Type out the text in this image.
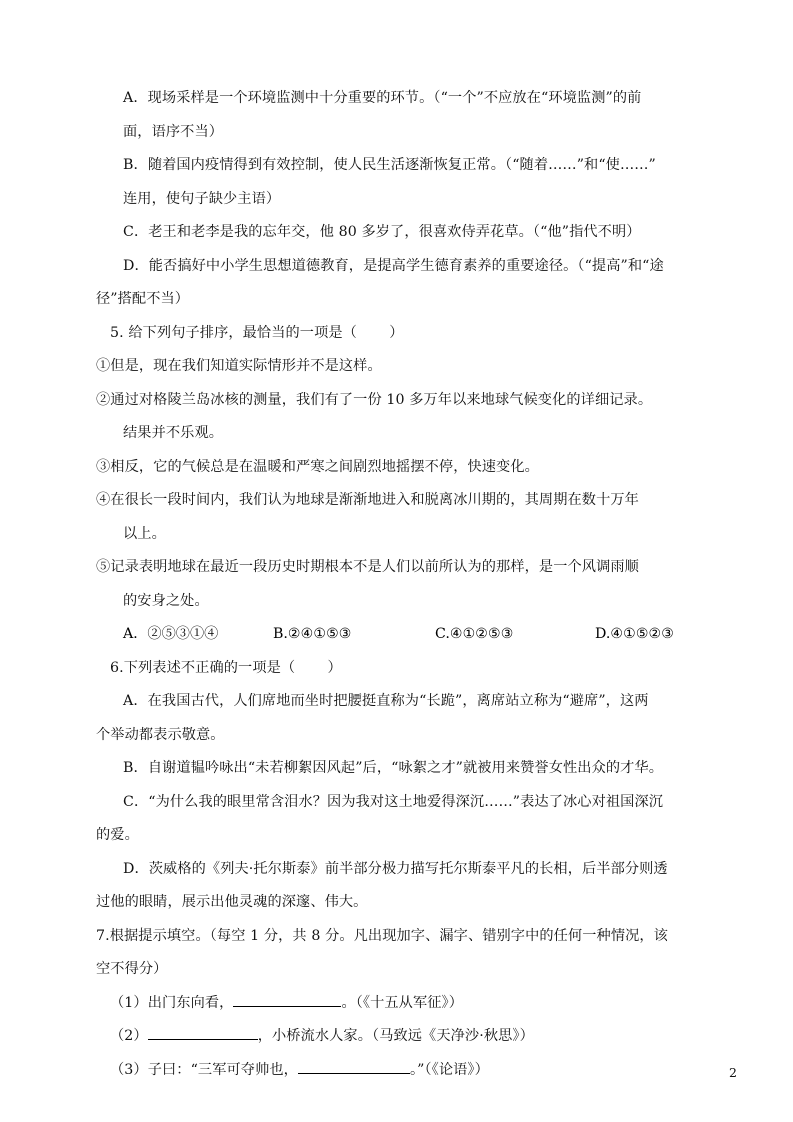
A．现场采样是一个环境监测中十分重要的环节。（“一个”不应放在“环境监测”的前
面，语序不当）
B．随着国内疫情得到有效控制，使人民生活逐渐恢复正常。（“随着……”和“使……”
连用，使句子缺少主语）
C．老王和老李是我的忘年交，他 80 多岁了，很喜欢侍弄花草。（“他”指代不明）
D．能否搞好中小学生思想道德教育，是提高学生德育素养的重要途径。（“提高”和“途
径”搭配不当）
5. 给下列句子排序，最恰当的一项是（       ）
①但是，现在我们知道实际情形并不是这样。
②通过对格陵兰岛冰核的测量，我们有了一份 10 多万年以来地球气候变化的详细记录。
结果并不乐观。
③相反，它的气候总是在温暖和严寒之间剧烈地摇摆不停，快速变化。
④在很长一段时间内，我们认为地球是渐渐地进入和脱离冰川期的，其周期在数十万年
以上。
⑤记录表明地球在最近一段历史时期根本不是人们以前所认为的那样，是一个风调雨顺
的安身之处。
A．②⑤③①④	B.②④①⑤③	C.④①②⑤③	D.④①⑤②③
6.下列表述不正确的一项是（       ）
A．在我国古代，人们席地而坐时把腰挺直称为“长跪”，离席站立称为“避席”，这两
个举动都表示敬意。
B．自谢道韫吟咏出“未若柳絮因风起”后，“咏絮之才”就被用来赞誉女性出众的才华。
C．“为什么我的眼里常含泪水？因为我对这土地爱得深沉……”表达了冰心对祖国深沉
的爱。
D．茨威格的《列夫·托尔斯泰》前半部分极力描写托尔斯泰平凡的长相，后半部分则透
过他的眼睛，展示出他灵魂的深邃、伟大。
7.根据提示填空。（每空 1 分，共 8 分。凡出现加字、漏字、错别字中的任何一种情况，该
空不得分）
（1）出门东向看，	。（《十五从军征》）
（2）	，小桥流水人家。（马致远《天净沙·秋思》）
（3）子曰：“三军可夺帅也，	。”（《论语》）	2
